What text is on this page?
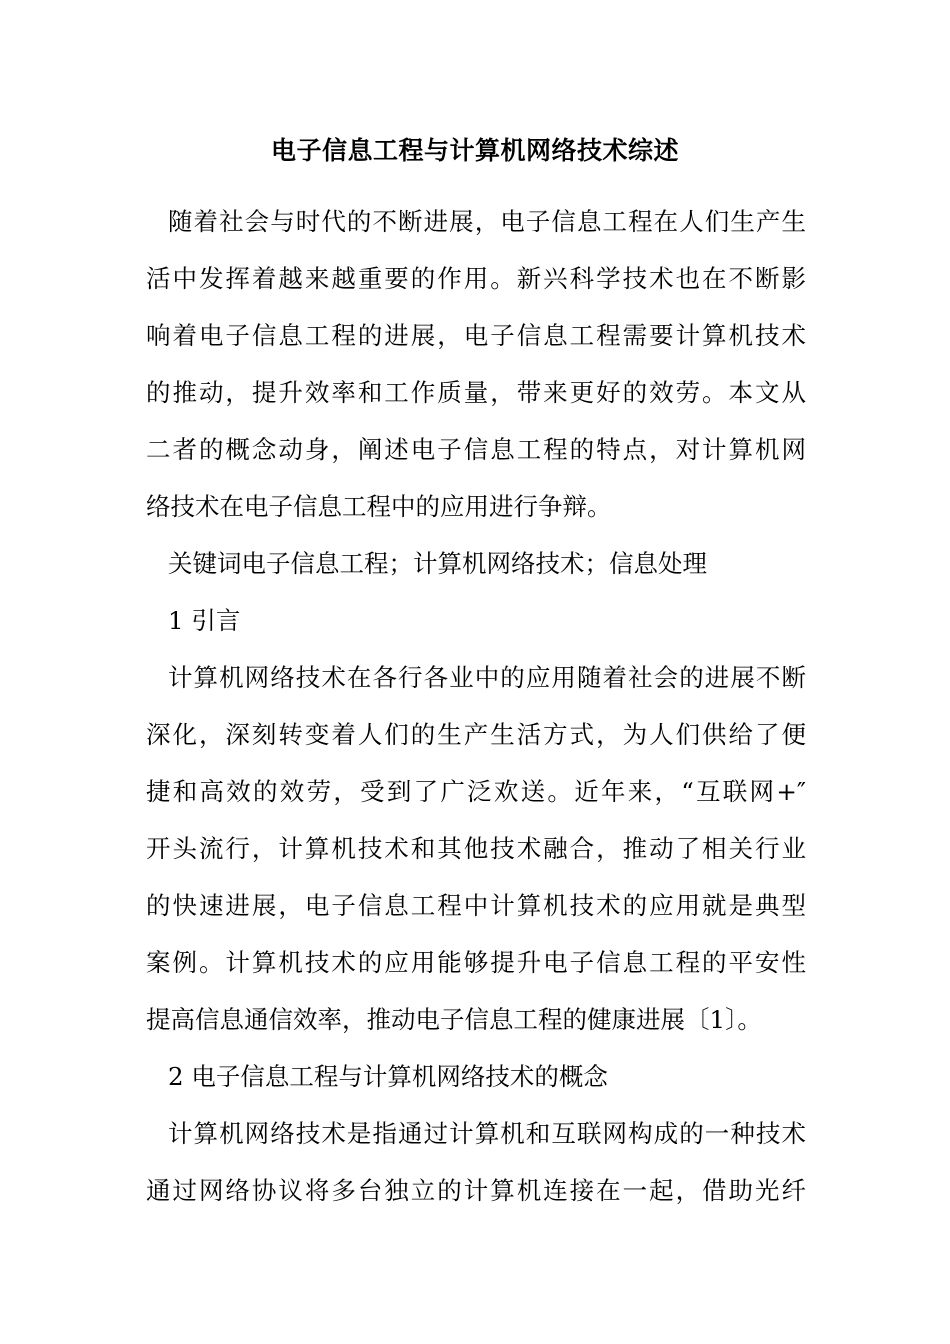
电子信息工程与计算机网络技术综述
随着社会与时代的不断进展，电子信息工程在人们生产生
活中发挥着越来越重要的作用。新兴科学技术也在不断影
响着电子信息工程的进展，电子信息工程需要计算机技术
的推动，提升效率和工作质量，带来更好的效劳。本文从
二者的概念动身，阐述电子信息工程的特点，对计算机网
络技术在电子信息工程中的应用进行争辩。
关键词电子信息工程；计算机网络技术；信息处理
1 引言
计算机网络技术在各行各业中的应用随着社会的进展不断
深化，深刻转变着人们的生产生活方式，为人们供给了便
捷和高效的效劳，受到了广泛欢送。近年来，“互联网+″
开头流行，计算机技术和其他技术融合，推动了相关行业
的快速进展，电子信息工程中计算机技术的应用就是典型
案例。计算机技术的应用能够提升电子信息工程的平安性
提高信息通信效率，推动电子信息工程的健康进展〔1〕。
2 电子信息工程与计算机网络技术的概念
计算机网络技术是指通过计算机和互联网构成的一种技术
通过网络协议将多台独立的计算机连接在一起，借助光纤
